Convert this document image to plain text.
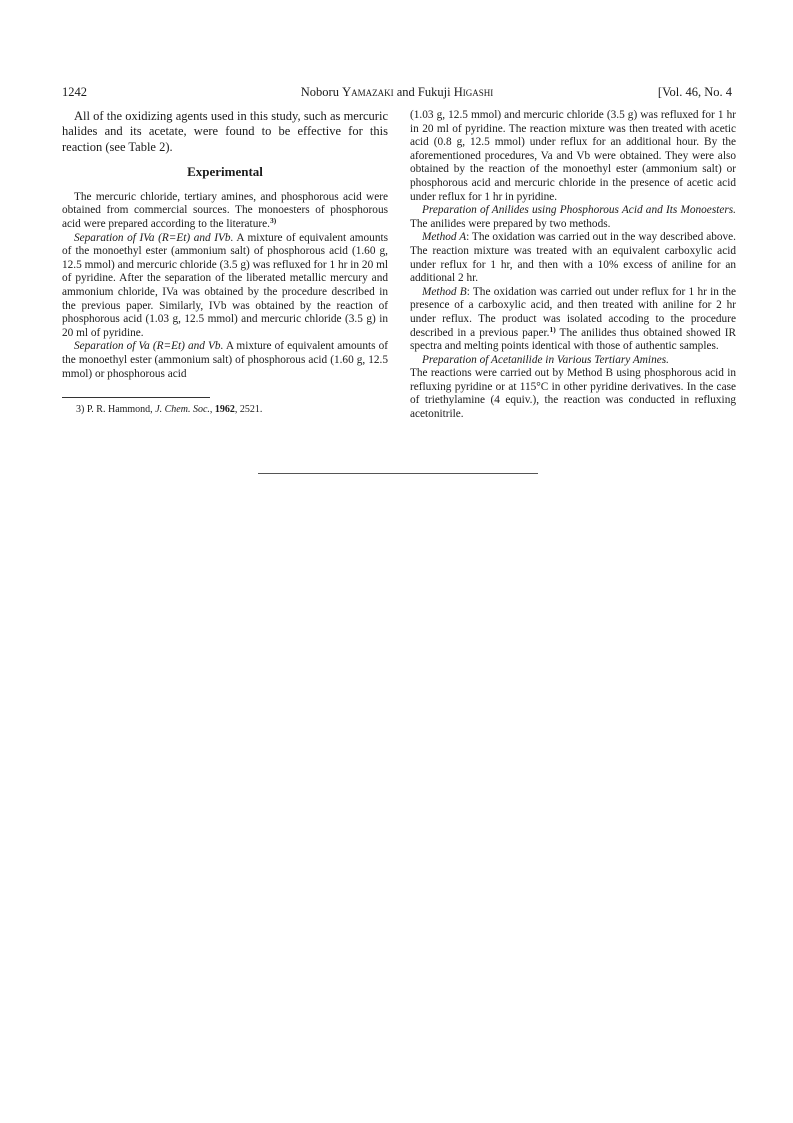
1242	Noboru Yamazaki and Fukuji Higashi	[Vol. 46, No. 4

All of the oxidizing agents used in this study, such as mercuric halides and its acetate, were found to be effective for this reaction (see Table 2).

Experimental

The mercuric chloride, tertiary amines, and phosphorous acid were obtained from commercial sources. The monoesters of phosphorous acid were prepared according to the literature.$^{3)}$

Separation of IVa (R=Et) and IVb. A mixture of equivalent amounts of the monoethyl ester (ammonium salt) of phosphorous acid (1.60 g, 12.5 mmol) and mercuric chloride (3.5 g) was refluxed for 1 hr in 20 ml of pyridine. After the separation of the liberated metallic mercury and ammonium chloride, IVa was obtained by the procedure described in the previous paper. Similarly, IVb was obtained by the reaction of phosphorous acid (1.03 g, 12.5 mmol) and mercuric chloride (3.5 g) in 20 ml of pyridine.

Separation of Va (R=Et) and Vb. A mixture of equivalent amounts of the monoethyl ester (ammonium salt) of phosphorous acid (1.60 g, 12.5 mmol) or phosphorous acid

3) P. R. Hammond, J. Chem. Soc., 1962, 2521.

(1.03 g, 12.5 mmol) and mercuric chloride (3.5 g) was refluxed for 1 hr in 20 ml of pyridine. The reaction mixture was then treated with acetic acid (0.8 g, 12.5 mmol) under reflux for an additional hour. By the aforementioned procedures, Va and Vb were obtained. They were also obtained by the reaction of the monoethyl ester (ammonium salt) or phosphorous acid and mercuric chloride in the presence of acetic acid under reflux for 1 hr in pyridine.

Preparation of Anilides using Phosphorous Acid and Its Monoesters. The anilides were prepared by two methods.

Method A: The oxidation was carried out in the way described above. The reaction mixture was treated with an equivalent carboxylic acid under reflux for 1 hr, and then with a 10% excess of aniline for an additional 2 hr.

Method B: The oxidation was carried out under reflux for 1 hr in the presence of a carboxylic acid, and then treated with aniline for 2 hr under reflux. The product was isolated accoding to the procedure described in a previous paper.$^{1)}$ The anilides thus obtained showed IR spectra and melting points identical with those of authentic samples.

Preparation of Acetanilide in Various Tertiary Amines.

The reactions were carried out by Method B using phosphorous acid in refluxing pyridine or at 115°C in other pyridine derivatives. In the case of triethylamine (4 equiv.), the reaction was conducted in refluxing acetonitrile.
